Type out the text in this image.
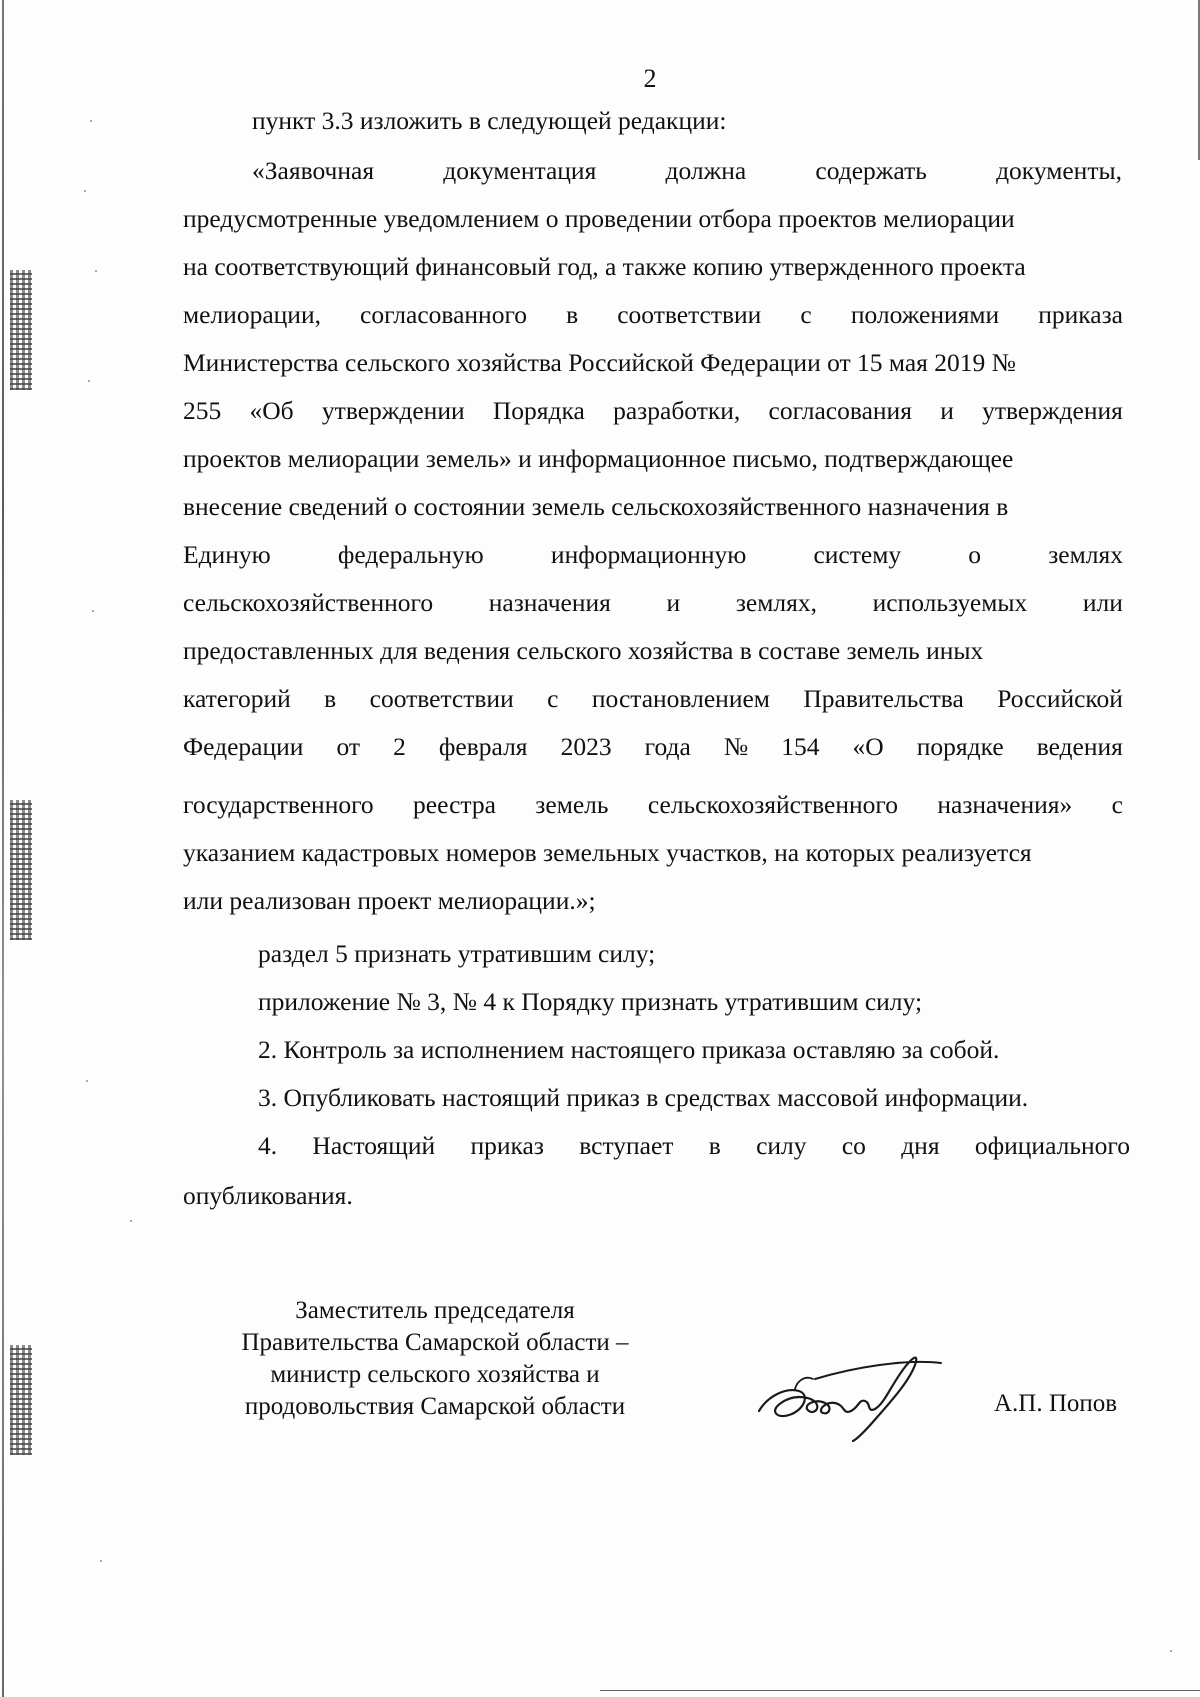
2

пункт 3.3 изложить в следующей редакции:

«Заявочная	документация	должна	содержать	документы,

предусмотренные уведомлением о проведении отбора проектов мелиорации

на соответствующий финансовый год, а также копию утвержденного проекта

мелиорации, согласованного в соответствии с положениями приказа

Министерства сельского хозяйства Российской Федерации от 15 мая 2019 №

255 «Об утверждении Порядка разработки, согласования и утверждения

проектов мелиорации земель» и информационное письмо, подтверждающее

внесение сведений о состоянии земель сельскохозяйственного назначения в

Единую	федеральную	информационную	систему	о	землях
сельскохозяйственного назначения и землях, используемых или

предоставленных для ведения сельского хозяйства в составе земель иных

категорий в соответствии с постановлением Правительства Российской
Федерации от 2 февраля 2023 года № 154 «О порядке ведения
государственного реестра земель сельскохозяйственного назначения» с

указанием кадастровых номеров земельных участков, на которых реализуется

или реализован проект мелиорации.»;

раздел 5 признать утратившим силу;

приложение № 3, № 4 к Порядку признать утратившим силу;

2. Контроль за исполнением настоящего приказа оставляю за собой.

3. Опубликовать настоящий приказ в средствах массовой информации.

4. Настоящий приказ вступает в силу со дня официального

опубликования.

Заместитель председателя

Правительства Самарской области –

министр сельского хозяйства и

продовольствия Самарской области	А.П. Попов
